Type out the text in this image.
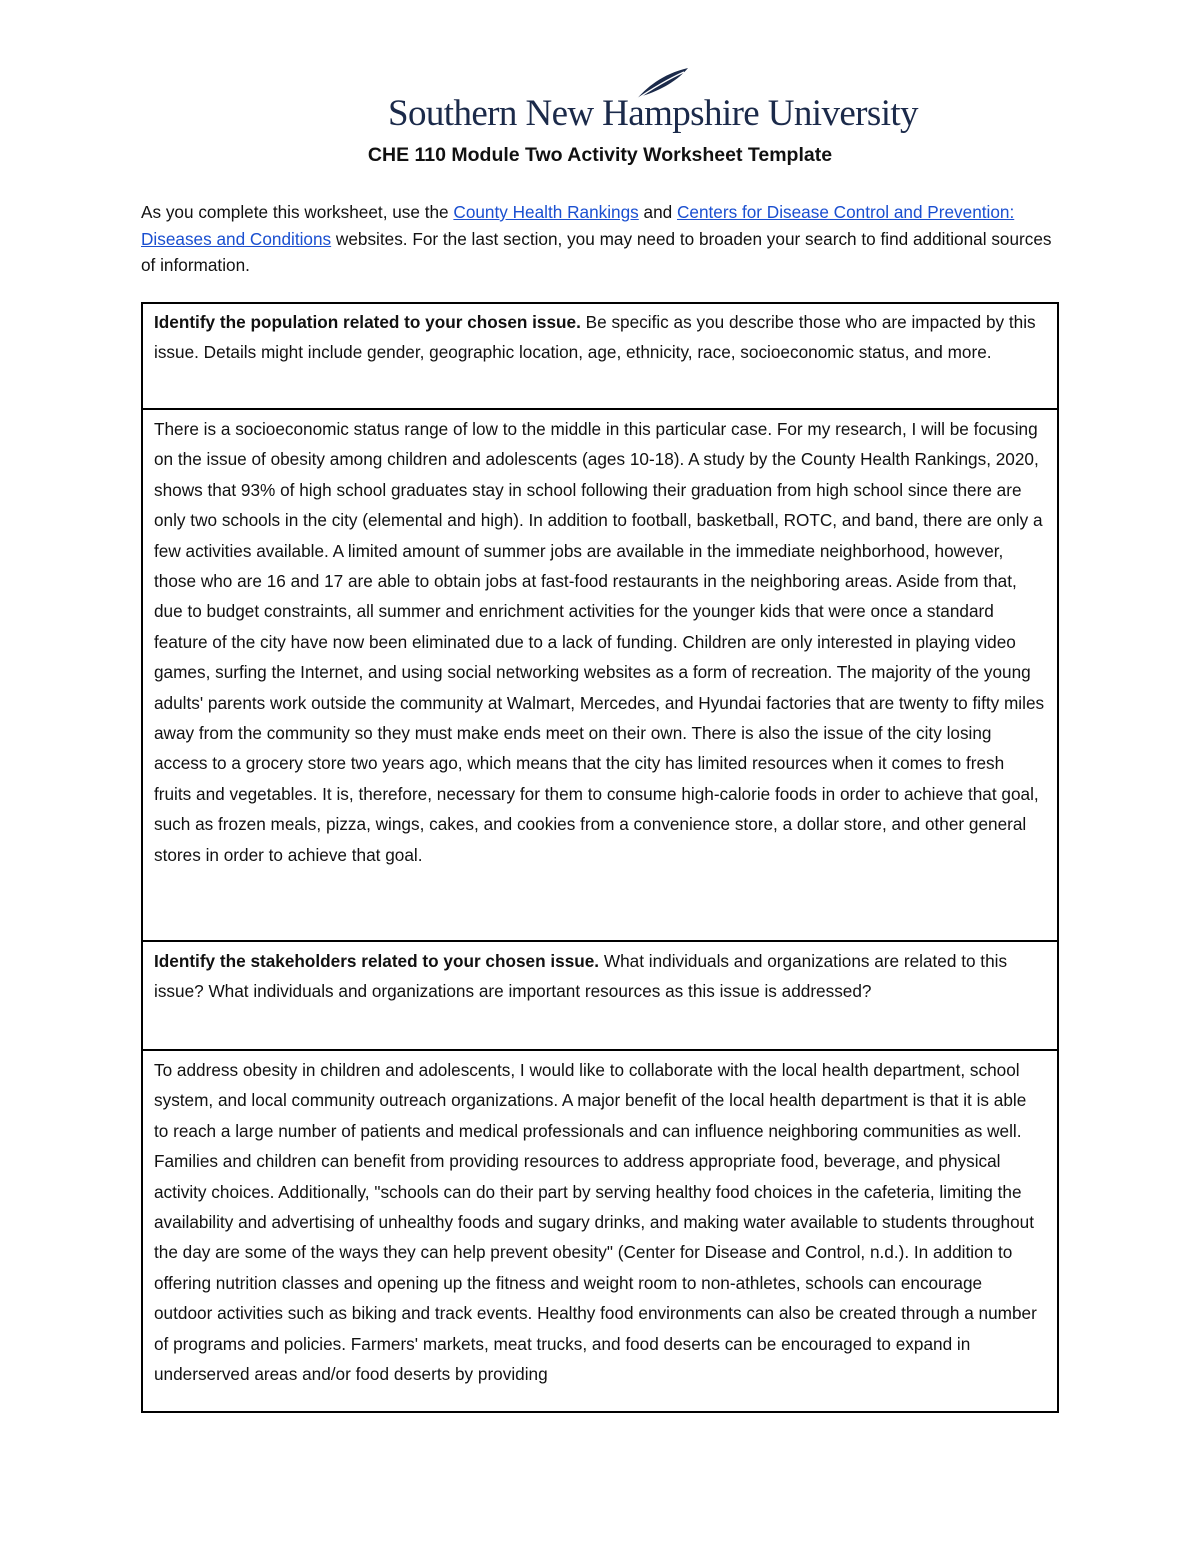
Southern New Hampshire University
CHE 110 Module Two Activity Worksheet Template
As you complete this worksheet, use the County Health Rankings and Centers for Disease Control and Prevention: Diseases and Conditions websites. For the last section, you may need to broaden your search to find additional sources of information.
Identify the population related to your chosen issue. Be specific as you describe those who are impacted by this issue. Details might include gender, geographic location, age, ethnicity, race, socioeconomic status, and more.
There is a socioeconomic status range of low to the middle in this particular case. For my research, I will be focusing on the issue of obesity among children and adolescents (ages 10-18). A study by the County Health Rankings, 2020, shows that 93% of high school graduates stay in school following their graduation from high school since there are only two schools in the city (elemental and high). In addition to football, basketball, ROTC, and band, there are only a few activities available. A limited amount of summer jobs are available in the immediate neighborhood, however, those who are 16 and 17 are able to obtain jobs at fast-food restaurants in the neighboring areas. Aside from that, due to budget constraints, all summer and enrichment activities for the younger kids that were once a standard feature of the city have now been eliminated due to a lack of funding. Children are only interested in playing video games, surfing the Internet, and using social networking websites as a form of recreation. The majority of the young adults' parents work outside the community at Walmart, Mercedes, and Hyundai factories that are twenty to fifty miles away from the community so they must make ends meet on their own. There is also the issue of the city losing access to a grocery store two years ago, which means that the city has limited resources when it comes to fresh fruits and vegetables. It is, therefore, necessary for them to consume high-calorie foods in order to achieve that goal, such as frozen meals, pizza, wings, cakes, and cookies from a convenience store, a dollar store, and other general stores in order to achieve that goal.
Identify the stakeholders related to your chosen issue. What individuals and organizations are related to this issue? What individuals and organizations are important resources as this issue is addressed?
To address obesity in children and adolescents, I would like to collaborate with the local health department, school system, and local community outreach organizations. A major benefit of the local health department is that it is able to reach a large number of patients and medical professionals and can influence neighboring communities as well. Families and children can benefit from providing resources to address appropriate food, beverage, and physical activity choices. Additionally, "schools can do their part by serving healthy food choices in the cafeteria, limiting the availability and advertising of unhealthy foods and sugary drinks, and making water available to students throughout the day are some of the ways they can help prevent obesity" (Center for Disease and Control, n.d.). In addition to offering nutrition classes and opening up the fitness and weight room to non-athletes, schools can encourage outdoor activities such as biking and track events. Healthy food environments can also be created through a number of programs and policies. Farmers' markets, meat trucks, and food deserts can be encouraged to expand in underserved areas and/or food deserts by providing
